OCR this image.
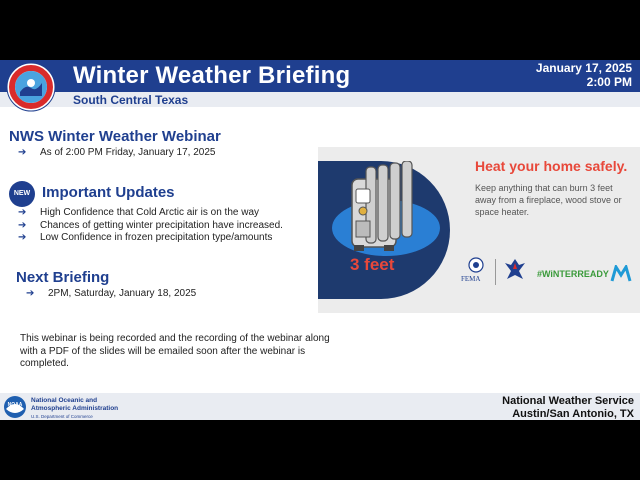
Winter Weather Briefing
South Central Texas
January 17, 2025
2:00 PM
NWS Winter Weather Webinar
➔ As of 2:00 PM Friday, January 17, 2025
NEW Important Updates
➔ High Confidence that Cold Arctic air is on the way
➔ Chances of getting winter precipitation have increased.
➔ Low Confidence in frozen precipitation type/amounts
Next Briefing
➔ 2PM, Saturday, January 18, 2025
This webinar is being recorded and the recording of the webinar along with a PDF of the slides will be emailed soon after the webinar is completed.
3 feet
Heat your home safely.
Keep anything that can burn 3 feet away from a fireplace, wood stove or space heater.
FEMA	#WiNTERREADY
NOAA
National Oceanic and
Atmospheric Administration
U.S. Department of Commerce
National Weather Service
Austin/San Antonio, TX
